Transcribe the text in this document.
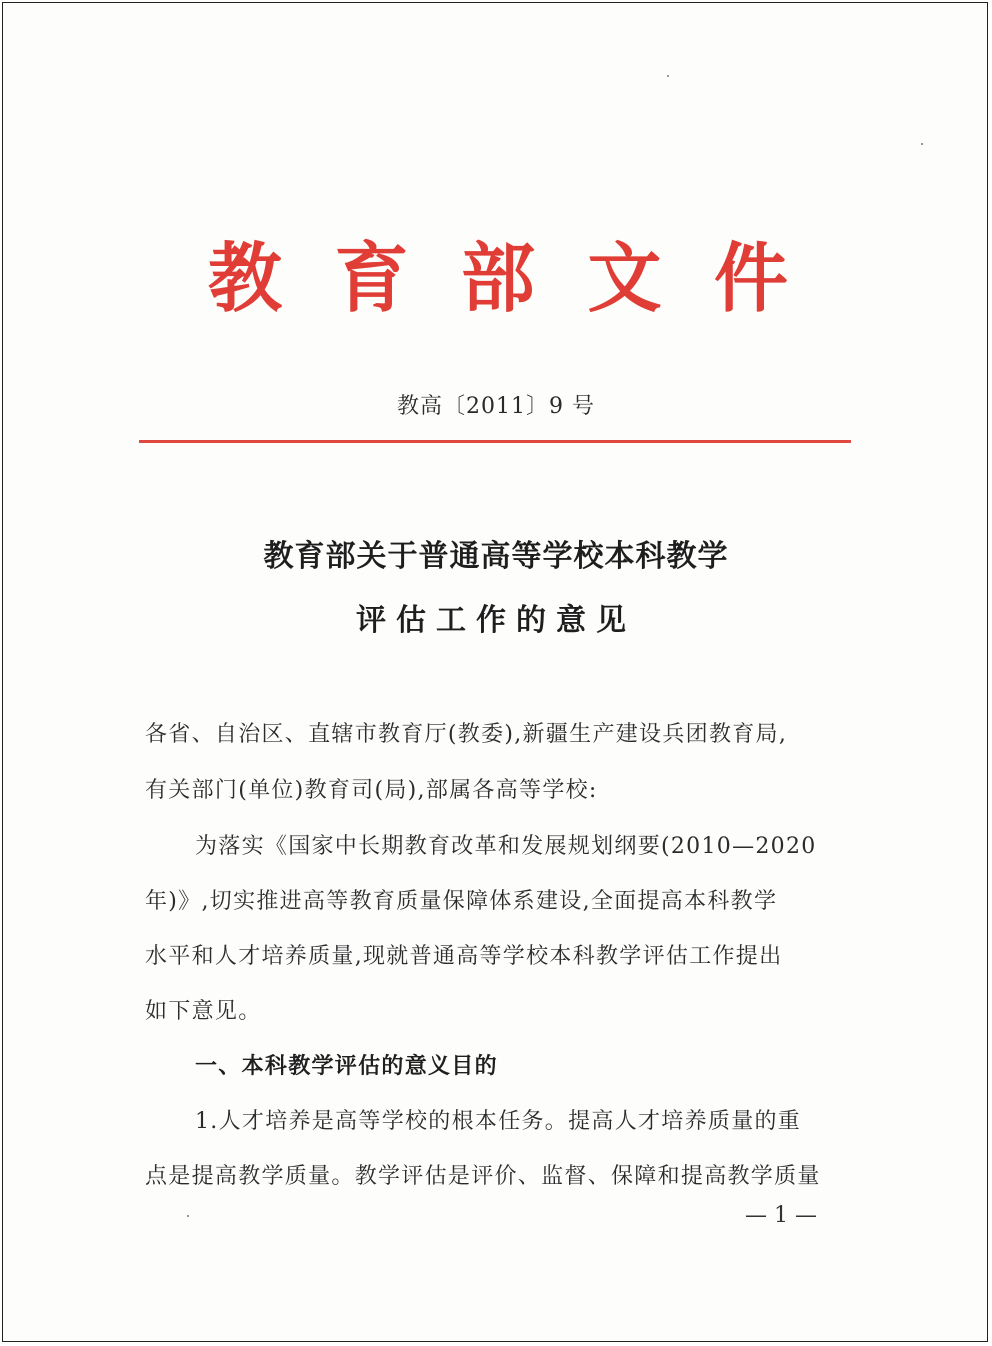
教 育 部 文 件
教高〔2011〕9 号
教育部关于普通高等学校本科教学
评估工作的意见
各省、自治区、直辖市教育厅(教委),新疆生产建设兵团教育局,
有关部门(单位)教育司(局),部属各高等学校:
为落实《国家中长期教育改革和发展规划纲要(2010—2020
年)》,切实推进高等教育质量保障体系建设,全面提高本科教学
水平和人才培养质量,现就普通高等学校本科教学评估工作提出
如下意见。
一、本科教学评估的意义目的
1.人才培养是高等学校的根本任务。提高人才培养质量的重
点是提高教学质量。教学评估是评价、监督、保障和提高教学质量
— 1 —
